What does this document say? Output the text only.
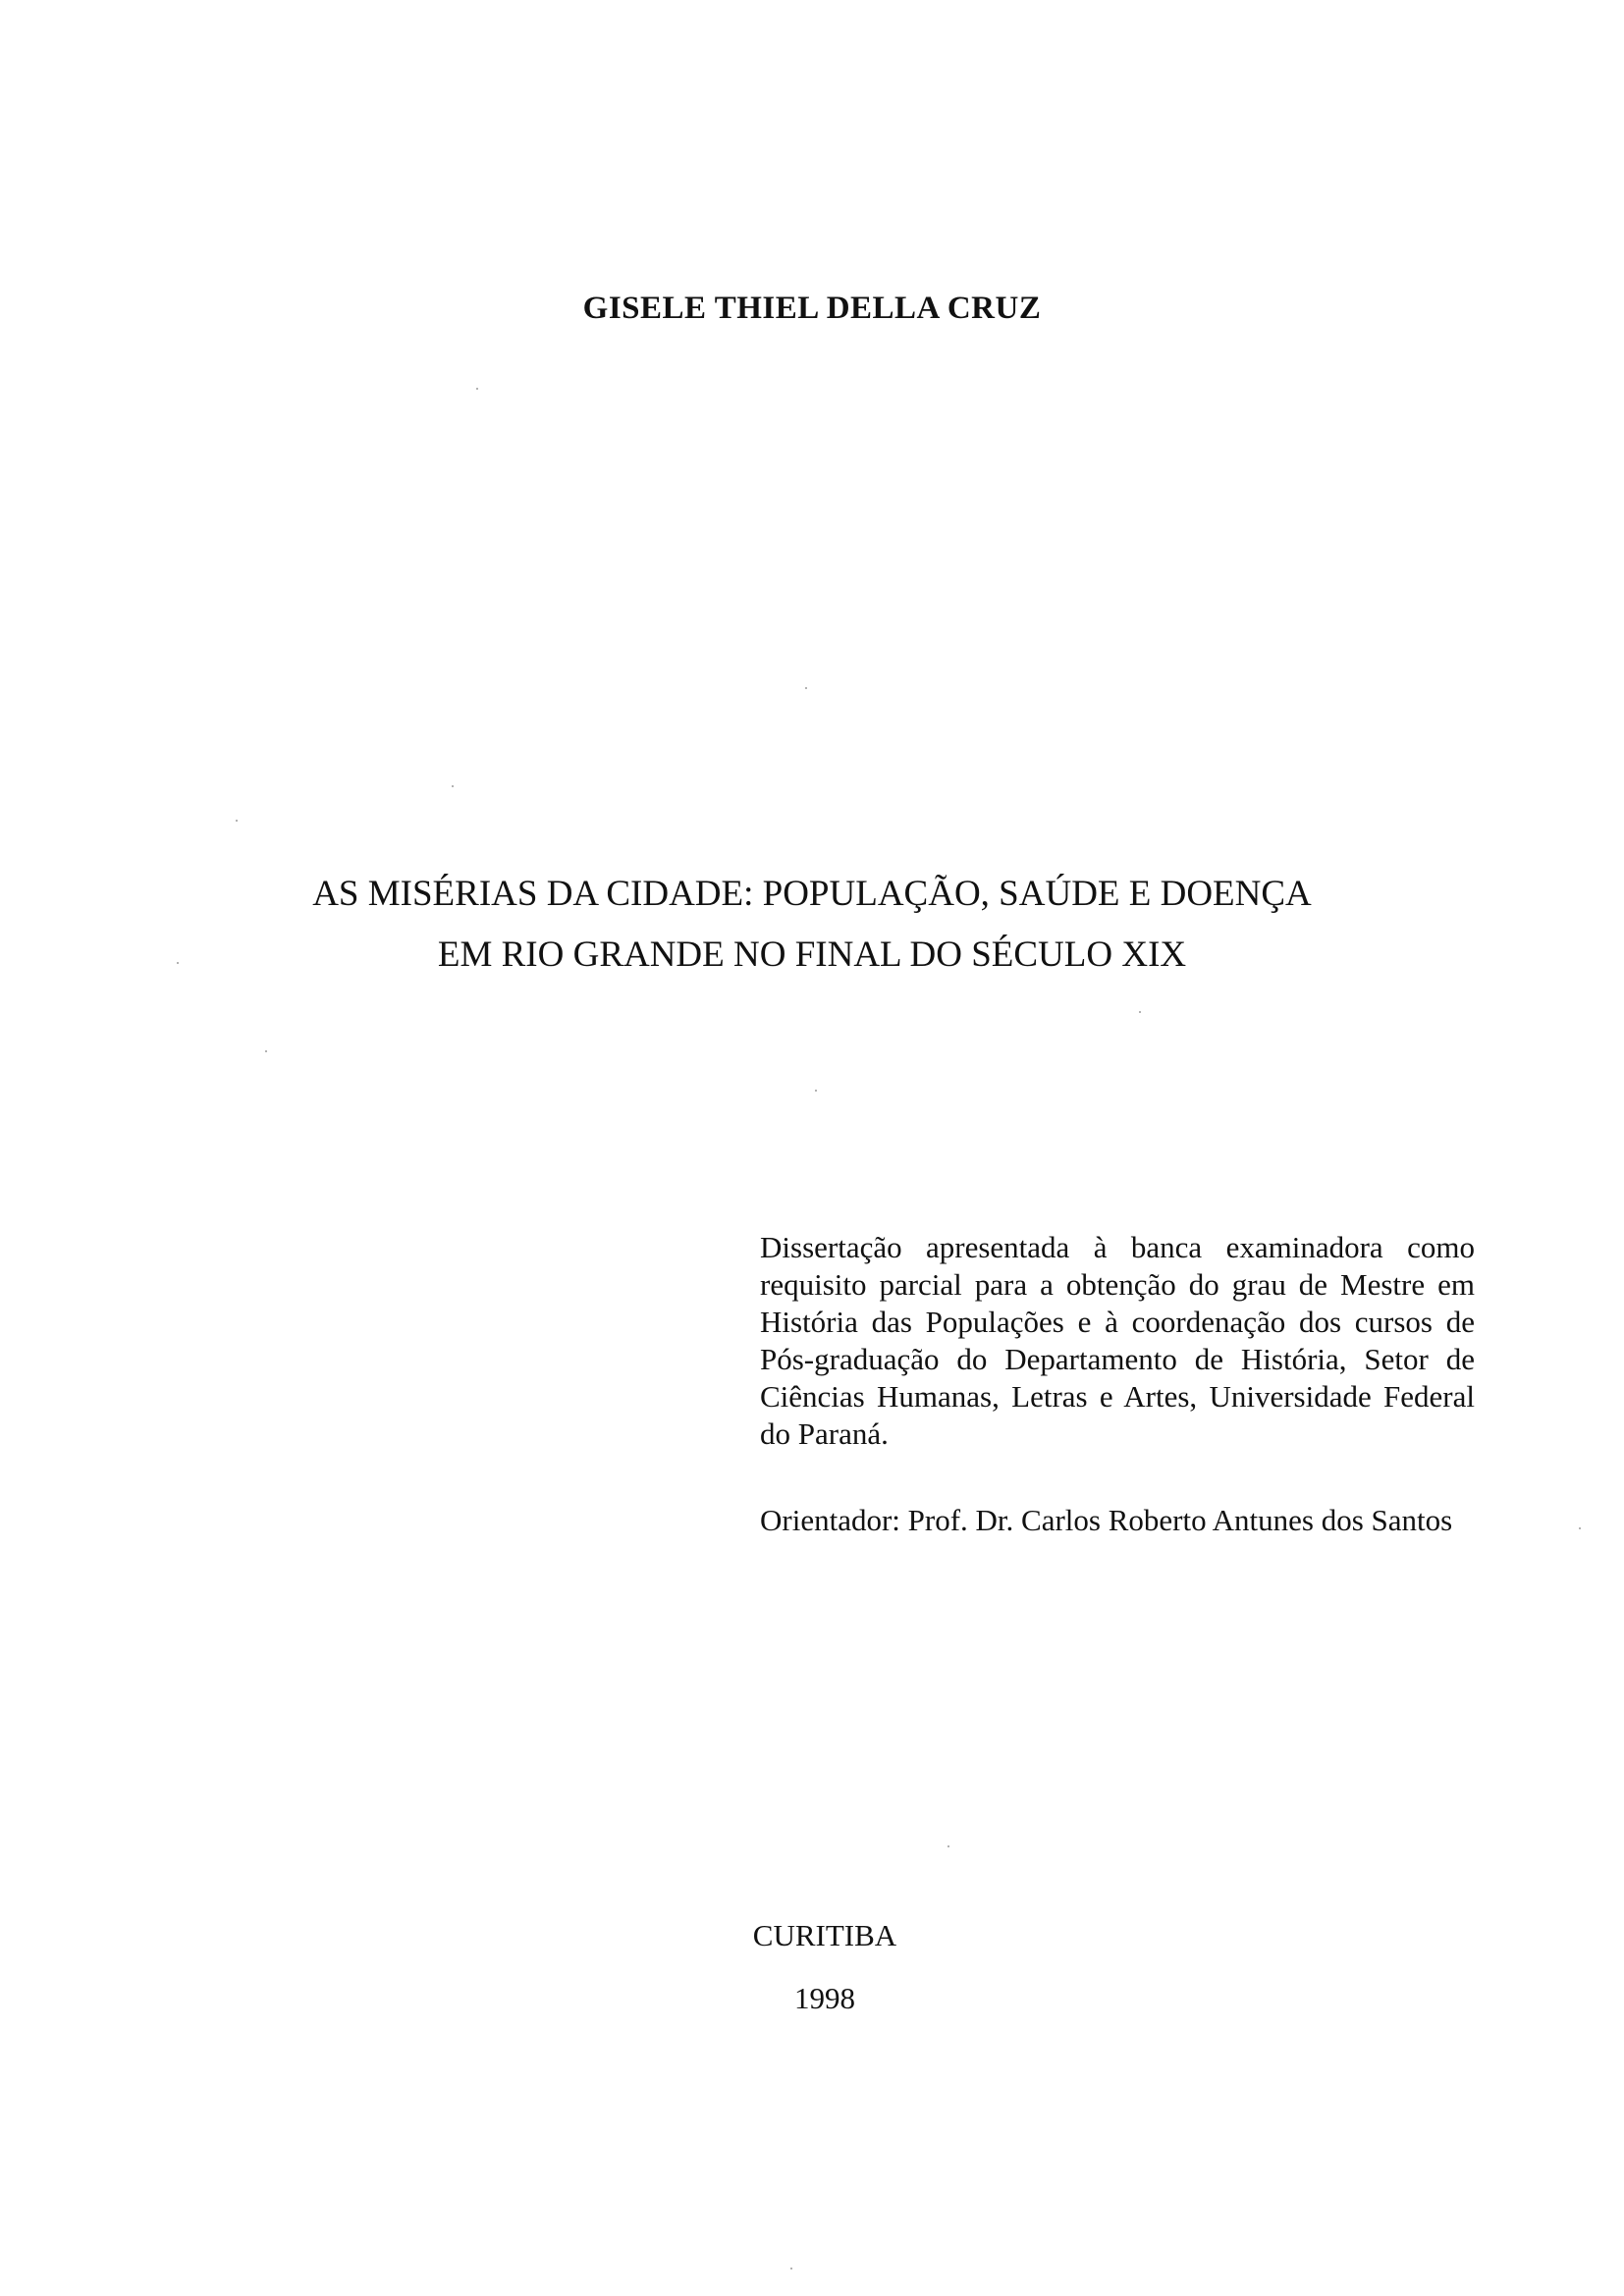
GISELE THIEL DELLA CRUZ
AS MISÉRIAS DA CIDADE: POPULAÇÃO, SAÚDE E DOENÇA
EM RIO GRANDE NO FINAL DO SÉCULO XIX
Dissertação apresentada à banca examinadora como requisito parcial para a obtenção do grau de Mestre em História das Populações e à coordenação dos cursos de Pós-graduação do Departamento de História, Setor de Ciências Humanas, Letras e Artes, Universidade Federal do Paraná.
Orientador: Prof. Dr. Carlos Roberto Antunes dos Santos
CURITIBA
1998
